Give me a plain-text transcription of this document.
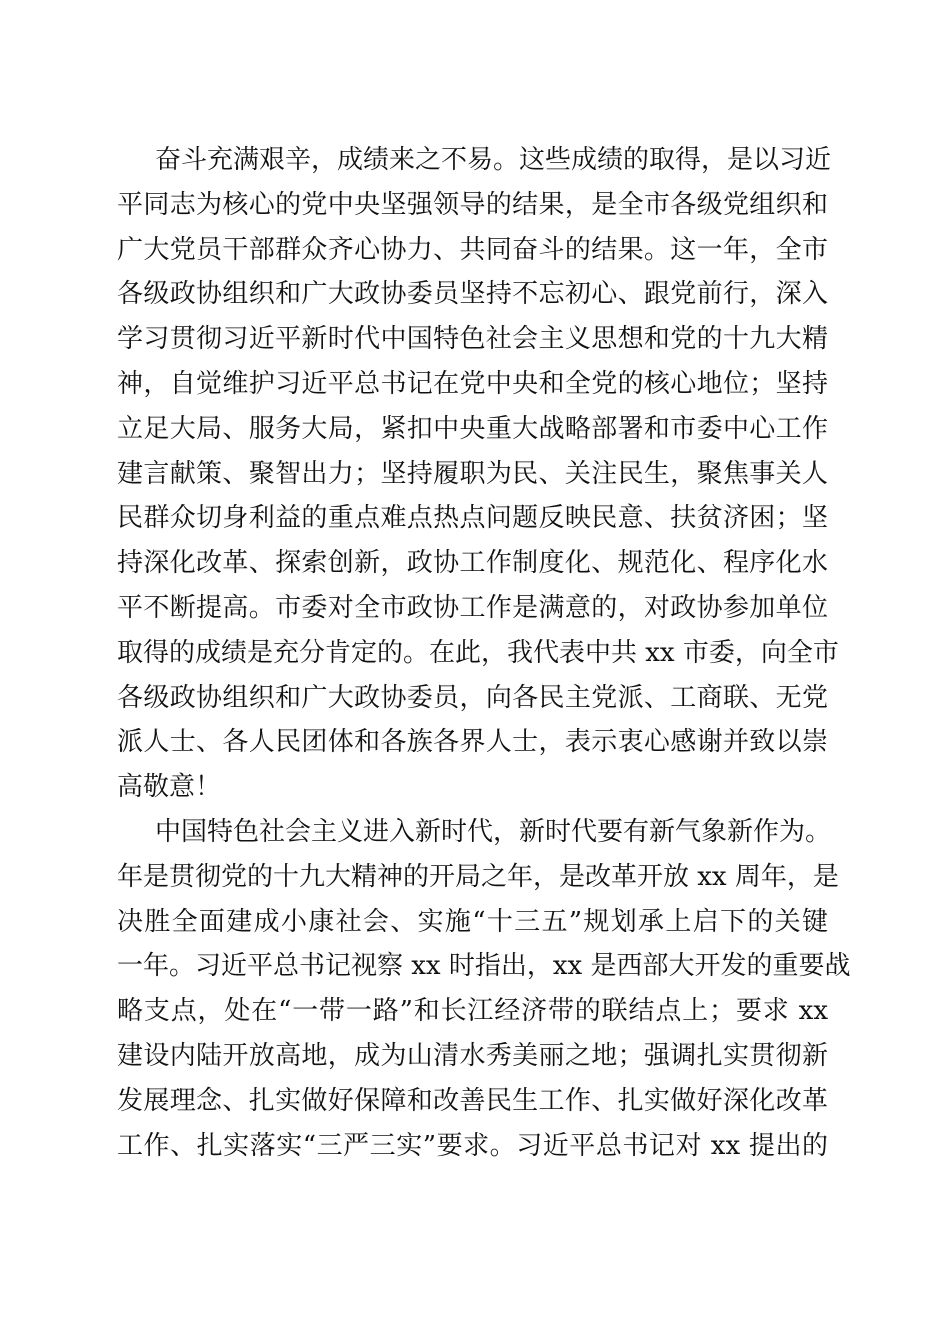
奋斗充满艰辛，成绩来之不易。这些成绩的取得，是以习近
平同志为核心的党中央坚强领导的结果，是全市各级党组织和
广大党员干部群众齐心协力、共同奋斗的结果。这一年，全市
各级政协组织和广大政协委员坚持不忘初心、跟党前行，深入
学习贯彻习近平新时代中国特色社会主义思想和党的十九大精
神，自觉维护习近平总书记在党中央和全党的核心地位；坚持
立足大局、服务大局，紧扣中央重大战略部署和市委中心工作
建言献策、聚智出力；坚持履职为民、关注民生，聚焦事关人
民群众切身利益的重点难点热点问题反映民意、扶贫济困；坚
持深化改革、探索创新，政协工作制度化、规范化、程序化水
平不断提高。市委对全市政协工作是满意的，对政协参加单位
取得的成绩是充分肯定的。在此，我代表中共 xx 市委，向全市
各级政协组织和广大政协委员，向各民主党派、工商联、无党
派人士、各人民团体和各族各界人士，表示衷心感谢并致以崇
高敬意！
中国特色社会主义进入新时代，新时代要有新气象新作为。
年是贯彻党的十九大精神的开局之年，是改革开放 xx 周年，是
决胜全面建成小康社会、实施“十三五”规划承上启下的关键
一年。习近平总书记视察 xx 时指出，xx 是西部大开发的重要战
略支点，处在“一带一路”和长江经济带的联结点上；要求 xx
建设内陆开放高地，成为山清水秀美丽之地；强调扎实贯彻新
发展理念、扎实做好保障和改善民生工作、扎实做好深化改革
工作、扎实落实“三严三实”要求。习近平总书记对 xx 提出的
